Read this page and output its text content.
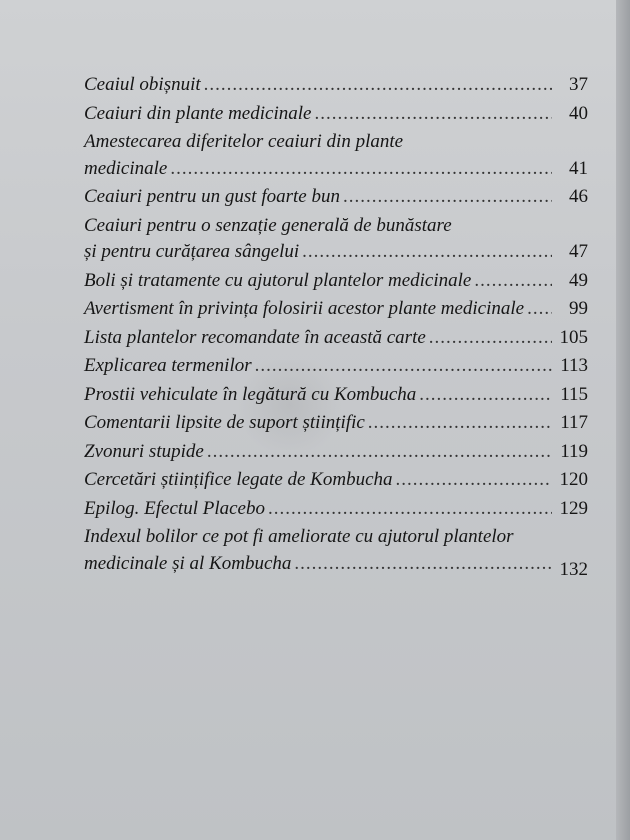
Ceaiul obișnuit .....	37
Ceaiuri din plante medicinale .....	40
Amestecarea diferitelor ceaiuri din plante
medicinale .....	41
Ceaiuri pentru un gust foarte bun .....	46
Ceaiuri pentru o senzație generală de bunăstare
și pentru curățarea sângelui .....	47
Boli și tratamente cu ajutorul plantelor medicinale .....	49
Avertisment în privința folosirii acestor plante medicinale .....	99
Lista plantelor recomandate în această carte .....	105
Explicarea termenilor .....	113
Prostii vehiculate în legătură cu Kombucha .....	115
Comentarii lipsite de suport științific .....	117
Zvonuri stupide .....	119
Cercetări științifice legate de Kombucha .....	120
Epilog. Efectul Placebo .....	129
Indexul bolilor ce pot fi ameliorate cu ajutorul plantelor
medicinale și al Kombucha .....	132
